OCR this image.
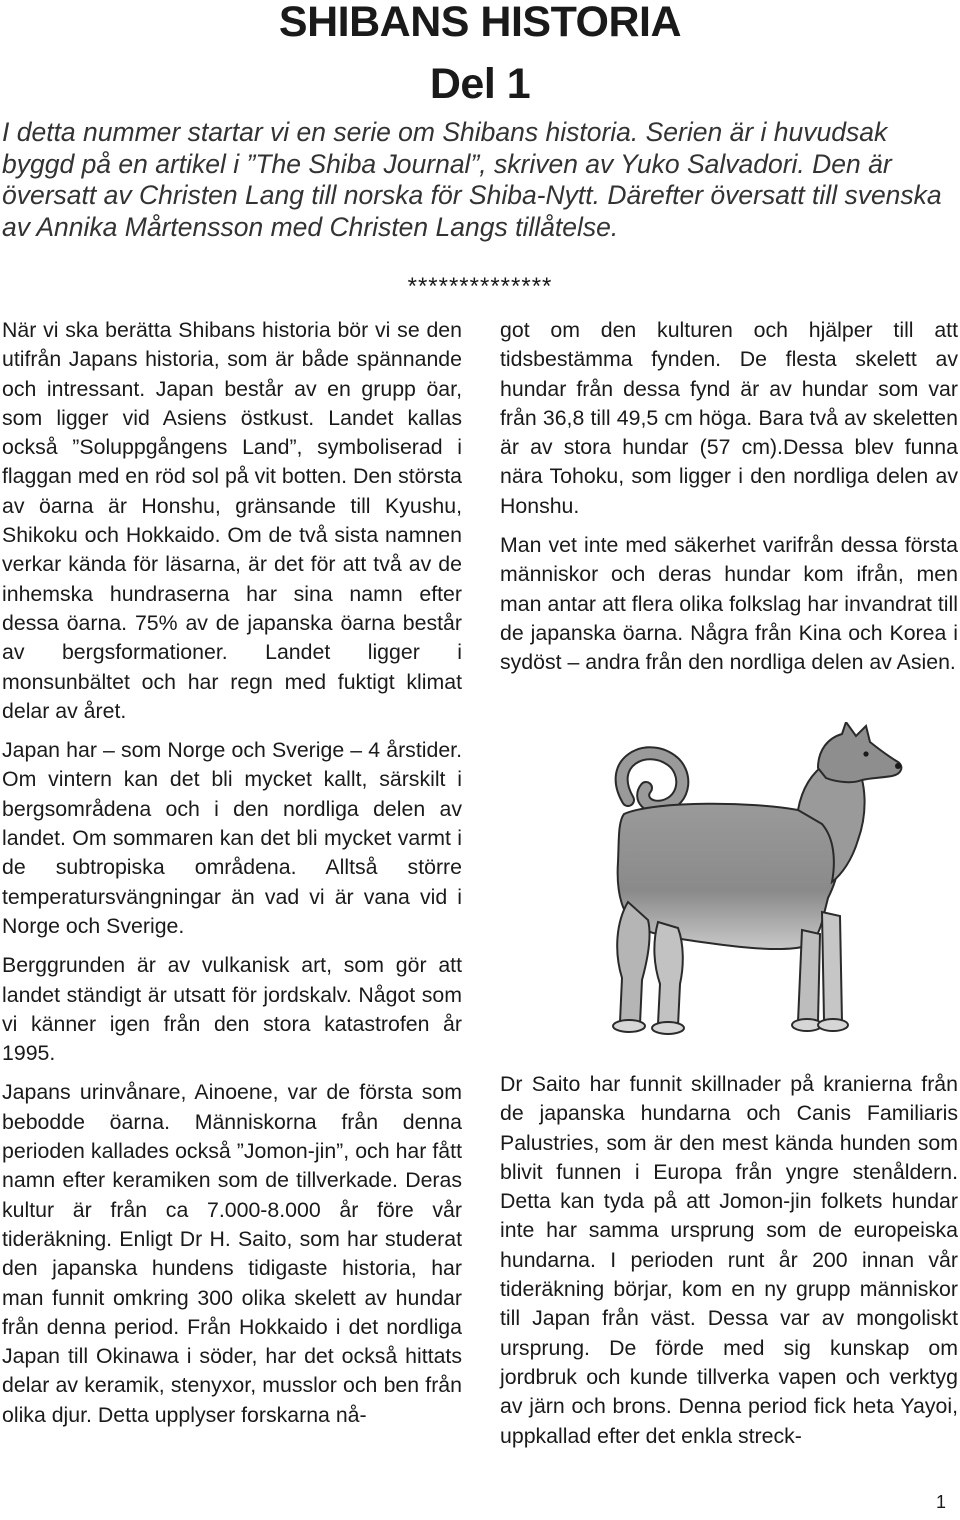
SHIBANS HISTORIA
Del 1
I detta nummer startar vi en serie om Shibans historia. Serien är i huvudsak byggd på en artikel i ”The Shiba Journal”, skriven av Yuko Salvadori. Den är översatt av Christen Lang till norska för Shiba-Nytt. Därefter översatt till svenska av Annika Mårtensson med Christen Langs tillåtelse.
**************

När vi ska berätta Shibans historia bör vi se den utifrån Japans historia, som är både spännande och intressant. Japan består av en grupp öar, som ligger vid Asiens östkust. Landet kallas också ”Soluppgångens Land”, symboliserad i flaggan med en röd sol på vit botten. Den största av öarna är Honshu, gränsande till Kyushu, Shikoku och Hokkaido. Om de två sista namnen verkar kända för läsarna, är det för att två av de inhemska hundraserna har sina namn efter dessa öarna. 75% av de japanska öarna består av bergsformationer. Landet ligger i monsunbältet och har regn med fuktigt klimat delar av året.

Japan har – som Norge och Sverige – 4 årstider. Om vintern kan det bli mycket kallt, särskilt i bergsområdena och i den nordliga delen av landet. Om sommaren kan det bli mycket varmt i de subtropiska områdena. Alltså större temperatursvängningar än vad vi är vana vid i Norge och Sverige.

Berggrunden är av vulkanisk art, som gör att landet ständigt är utsatt för jordskalv. Något som vi känner igen från den stora katastrofen år 1995.

Japans urinvånare, Ainoene, var de första som bebodde öarna. Människorna från denna perioden kallades också ”Jomon-jin”, och har fått namn efter keramiken som de tillverkade. Deras kultur är från ca 7.000-8.000 år före vår tideräkning. Enligt Dr H. Saito, som har studerat den japanska hundens tidigaste historia, har man funnit omkring 300 olika skelett av hundar från denna period. Från Hokkaido i det nordliga Japan till Okinawa i söder, har det också hittats delar av keramik, stenyxor, musslor och ben från olika djur. Detta upplyser forskarna nå-

got om den kulturen och hjälper till att tidsbestämma fynden. De flesta skelett av hundar från dessa fynd är av hundar som var från 36,8 till 49,5 cm höga. Bara två av skeletten är av stora hundar (57 cm).Dessa blev funna nära Tohoku, som ligger i den nordliga delen av Honshu.

Man vet inte med säkerhet varifrån dessa första människor och deras hundar kom ifrån, men man antar att flera olika folkslag har invandrat till de japanska öarna. Några från Kina och Korea i sydöst – andra från den nordliga delen av Asien.

Dr Saito har funnit skillnader på kranierna från de japanska hundarna och Canis Familiaris Palustries, som är den mest kända hunden som blivit funnen i Europa från yngre stenåldern. Detta kan tyda på att Jomon-jin folkets hundar inte har samma ursprung som de europeiska hundarna. I perioden runt år 200 innan vår tideräkning börjar, kom en ny grupp människor till Japan från väst. Dessa var av mongoliskt ursprung. De förde med sig kunskap om jordbruk och kunde tillverka vapen och verktyg av järn och brons. Denna period fick heta Yayoi, uppkallad efter det enkla streck-

1
